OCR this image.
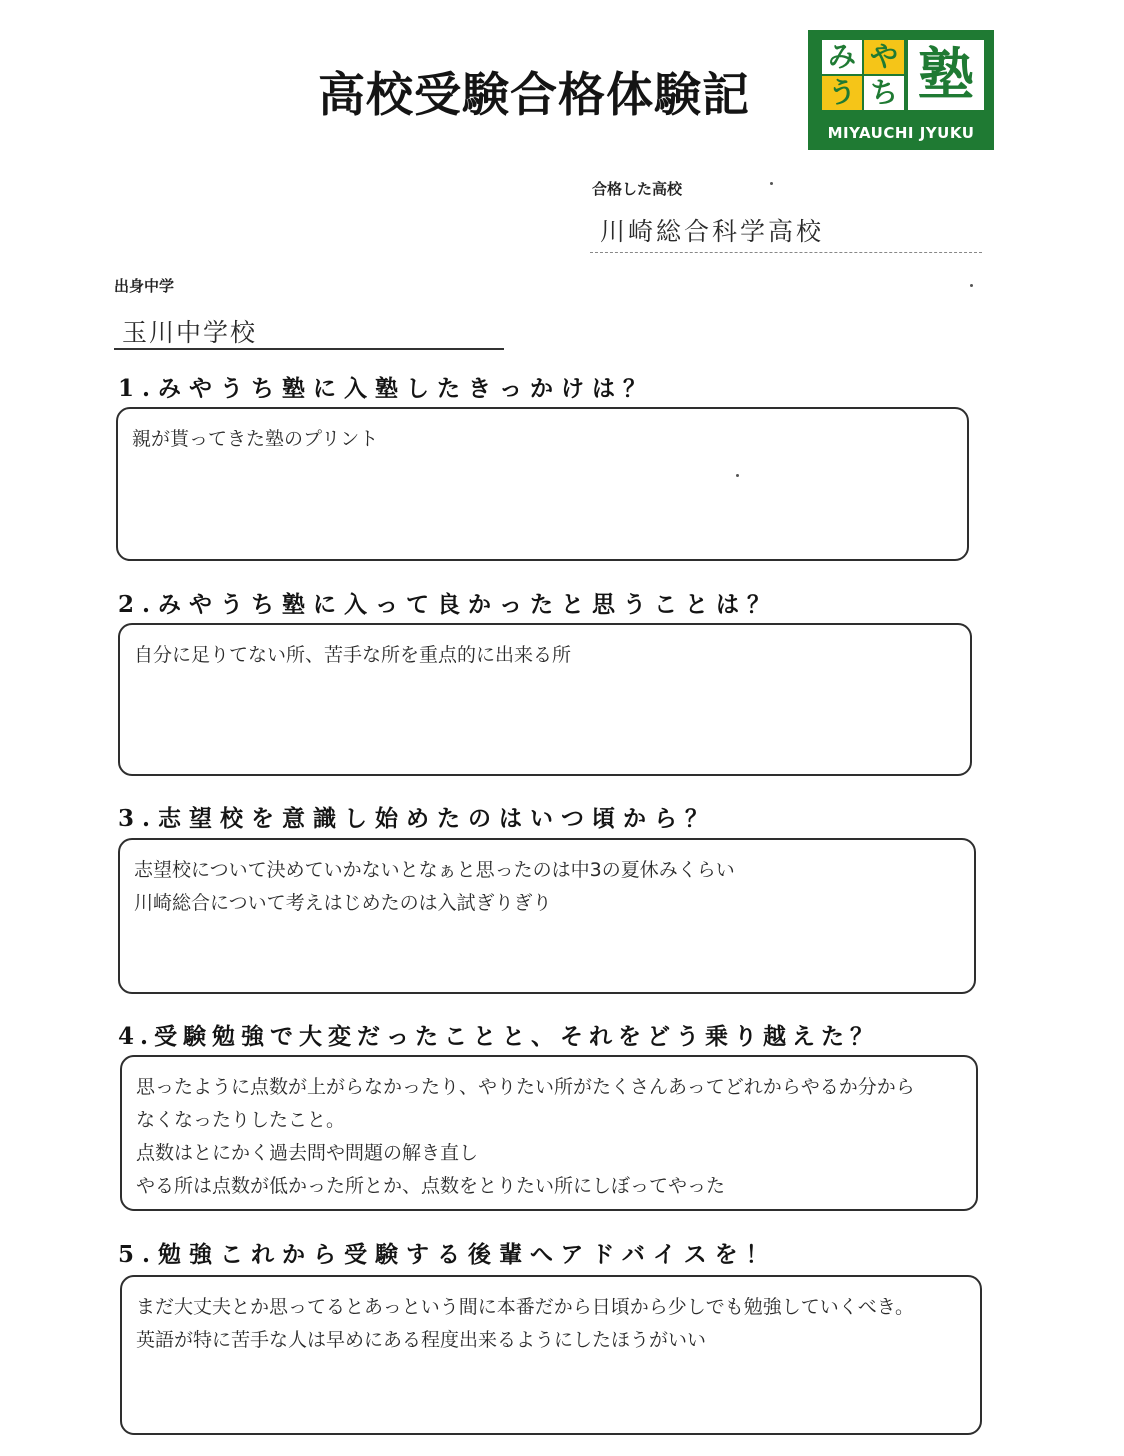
高校受験合格体験記
み や
う ち 塾
MIYAUCHI JYUKU
合格した高校
川崎総合科学高校
出身中学
玉川中学校
1.みやうち塾に入塾したきっかけは？
親が貰ってきた塾のプリント
2.みやうち塾に入って良かったと思うことは？
自分に足りてない所、苦手な所を重点的に出来る所
3.志望校を意識し始めたのはいつ頃から？
志望校について決めていかないとなぁと思ったのは中3の夏休みくらい
川崎総合について考えはじめたのは入試ぎりぎり
4.受験勉強で大変だったことと、それをどう乗り越えた？
思ったように点数が上がらなかったり、やりたい所がたくさんあってどれからやるか分から
なくなったりしたこと。
点数はとにかく過去問や問題の解き直し
やる所は点数が低かった所とか、点数をとりたい所にしぼってやった
5.勉強これから受験する後輩へアドバイスを！
まだ大丈夫とか思ってるとあっという間に本番だから日頃から少しでも勉強していくべき。
英語が特に苦手な人は早めにある程度出来るようにしたほうがいい
